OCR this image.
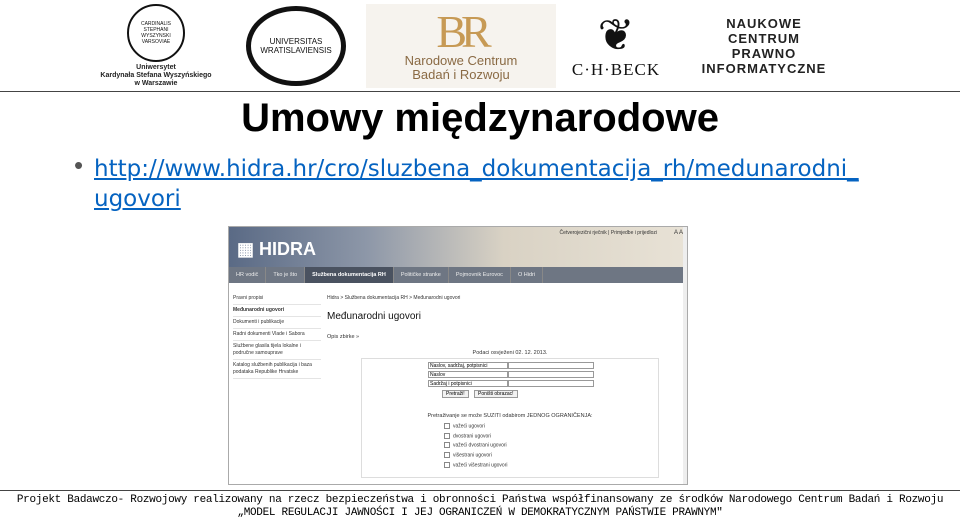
CARDINALIS STEPHANI WYSZYNSKI VARSOVIAE
Uniwersytet
Kardynała Stefana Wyszyńskiego
w Warszawie
UNIVERSITAS WRATISLAVIENSIS BR
Narodowe Centrum
Badań i Rozwoju
❦
C·H·BECK
NAUKOWE
CENTRUM
PRAWNO
INFORMATYCZNE
Umowy międzynarodowe
• http://www.hidra.hr/cro/sluzbena_dokumentacija_rh/medunarodni_
ugovori
▦ HIDRA
Četverojezični rječnik | Primjedbe i prijedlozi	A A
HR vodič	Tko je što	Službena dokumentacija RH	Političke stranke	Pojmovnik Eurovoc	O Hidri
Pravni propisi
Međunarodni ugovori
Dokumenti i publikacije
Radni dokumenti Vlade i Sabora
Službene glasila tijela lokalne i područne samouprave
Katalog službenih publikacija i baza podataka Republike Hrvatske
Hidra > Službena dokumentacija RH > Međunarodni ugovori
Međunarodni ugovori
Opis zbirke »
Podaci osvježeni 02. 12. 2013.
Naslov, sadržaj, potpisnici
Naslov
Sadržaj i potpisnici
Pretraži!	Poništi obrazac!
Pretraživanje se može SUZITI odabirom JEDNOG OGRANIČENJA:
važeći ugovori
dvostrani ugovori
važeći dvostrani ugovori
višestrani ugovori
važeći višestrani ugovori
Projekt Badawczo- Rozwojowy realizowany na rzecz bezpieczeństwa i obronności Państwa współfinansowany ze środków Narodowego Centrum Badań i Rozwoju
„MODEL REGULACJI JAWNOŚCI I JEJ OGRANICZEŃ W DEMOKRATYCZNYM PAŃSTWIE PRAWNYM"
